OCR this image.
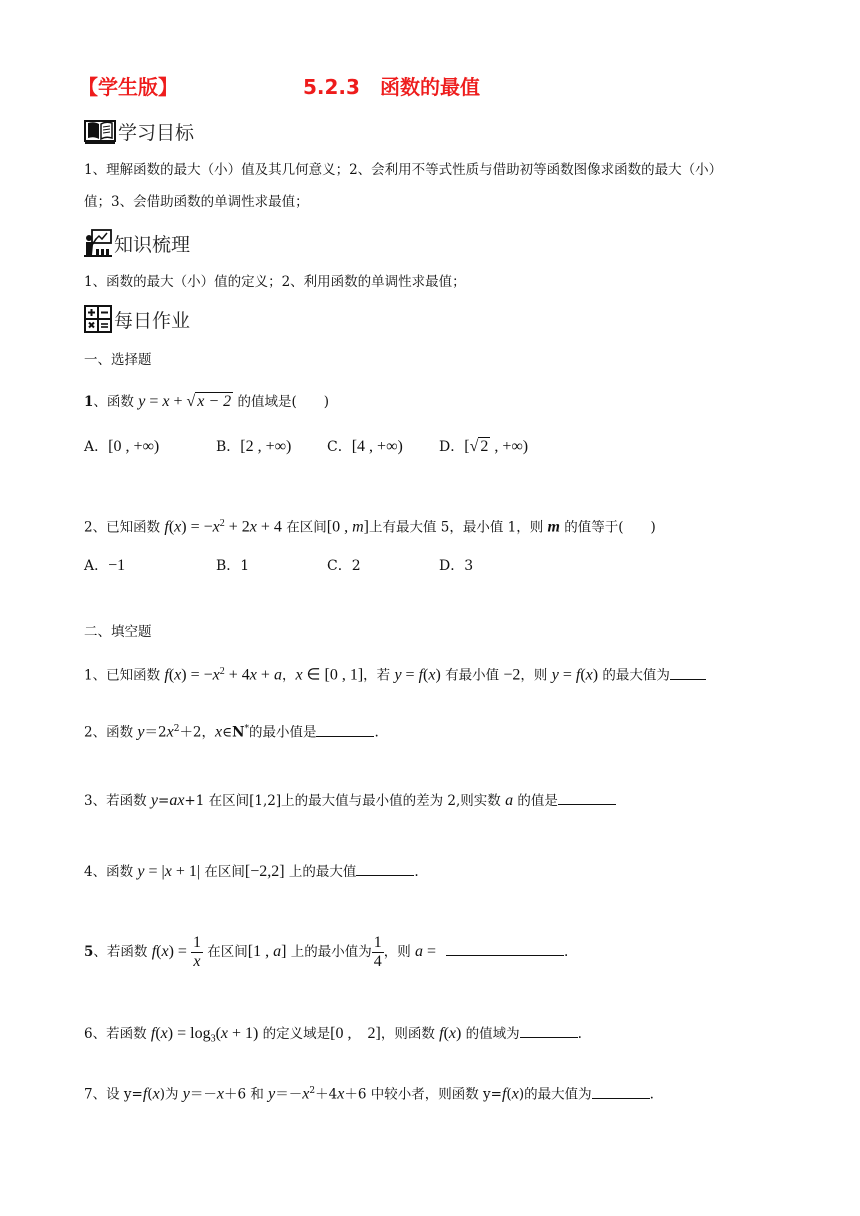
【学生版】	5.2.3　函数的最值
学习目标
1、理解函数的最大（小）值及其几何意义；2、会利用不等式性质与借助初等函数图像求函数的最大（小）
值；3、会借助函数的单调性求最值；
知识梳理
1、函数的最大（小）值的定义；2、利用函数的单调性求最值；
每日作业
一、选择题
1、函数 y = x + √ x − 2 的值域是(　　)
A．[0 , +∞)	B．[2 , +∞)	C．[4 , +∞)	D．[√ 2 , +∞)
2、已知函数 $f(x) = -x^2 + 2x + 4$ 在区间[0 , m]上有最大值 5，最小值 1，则 m 的值等于(　　)
A．−1	B．1	C．2	D．3
二、填空题
1、已知函数 $f(x) = -x^2 + 4x + a$，x ∈ [0 , 1]，若 y = f(x) 有最小值 −2，则 y = f(x) 的最大值为
2、函数 $y=2x^2+2$，x∈N*的最小值是	.
3、若函数 y=ax+1 在区间[1,2]上的最大值与最小值的差为 2,则实数 a 的值是
4、函数 y = |x + 1| 在区间[−2,2] 上的最大值	.
5、若函数 $f(x) = \frac{1}{x}$ 在区间[1 , a] 上的最小值为 $\frac{1}{4}$ ，则 a =	.
6、若函数 $f(x) = \log_3(x + 1)$ 的定义域是[0 ,　2]，则函数 f(x) 的值域为	.
7、设 y=f(x)为 y＝－x＋6 和 $y=-x^2+4x+6$ 中较小者，则函数 y=f(x)的最大值为	.
